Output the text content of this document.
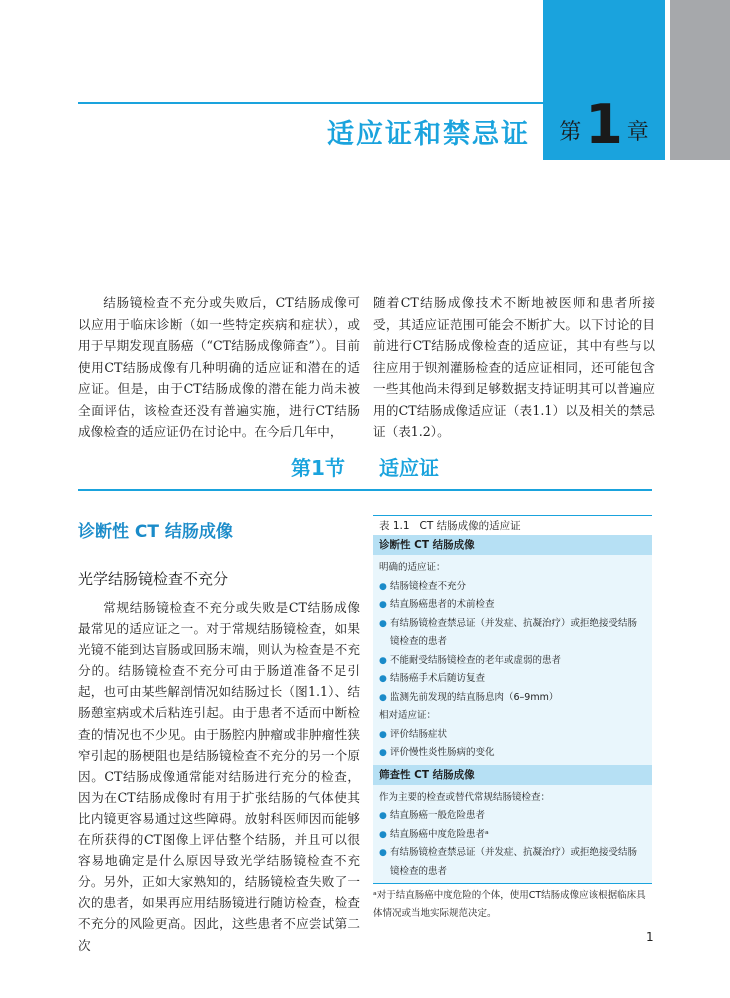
第 1 章
适应证和禁忌证
结肠镜检查不充分或失败后，CT结肠成像可以应用于临床诊断（如一些特定疾病和症状），或用于早期发现直肠癌（“CT结肠成像筛查”）。目前使用CT结肠成像有几种明确的适应证和潜在的适应证。但是，由于CT结肠成像的潜在能力尚未被全面评估，该检查还没有普遍实施，进行CT结肠成像检查的适应证仍在讨论中。在今后几年中，
随着CT结肠成像技术不断地被医师和患者所接受，其适应证范围可能会不断扩大。以下讨论的目前进行CT结肠成像检查的适应证，其中有些与以往应用于钡剂灌肠检查的适应证相同，还可能包含一些其他尚未得到足够数据支持证明其可以普遍应用的CT结肠成像适应证（表1.1）以及相关的禁忌证（表1.2）。
第1节 适应证
诊断性 CT 结肠成像
光学结肠镜检查不充分
常规结肠镜检查不充分或失败是CT结肠成像最常见的适应证之一。对于常规结肠镜检查，如果光镜不能到达盲肠或回肠末端，则认为检查是不充分的。结肠镜检查不充分可由于肠道准备不足引起，也可由某些解剖情况如结肠过长（图1.1）、结肠憩室病或术后粘连引起。由于患者不适而中断检查的情况也不少见。由于肠腔内肿瘤或非肿瘤性狭窄引起的肠梗阻也是结肠镜检查不充分的另一个原因。CT结肠成像通常能对结肠进行充分的检查，因为在CT结肠成像时有用于扩张结肠的气体使其比内镜更容易通过这些障碍。放射科医师因而能够在所获得的CT图像上评估整个结肠，并且可以很容易地确定是什么原因导致光学结肠镜检查不充分。另外，正如大家熟知的，结肠镜检查失败了一次的患者，如果再应用结肠镜进行随访检查，检查不充分的风险更高。因此，这些患者不应尝试第二次
表 1.1 CT 结肠成像的适应证
诊断性 CT 结肠成像
明确的适应证：
● 结肠镜检查不充分
● 结直肠癌患者的术前检查
● 有结肠镜检查禁忌证（并发症、抗凝治疗）或拒绝接受结肠镜检查的患者
● 不能耐受结肠镜检查的老年或虚弱的患者
● 结肠癌手术后随访复查
● 监测先前发现的结直肠息肉（6–9mm）
相对适应证：
● 评价结肠症状
● 评价慢性炎性肠病的变化
筛查性 CT 结肠成像
作为主要的检查或替代常规结肠镜检查：
● 结直肠癌一般危险患者
● 结直肠癌中度危险患者ᵃ
● 有结肠镜检查禁忌证（并发症、抗凝治疗）或拒绝接受结肠镜检查的患者
ᵃ对于结直肠癌中度危险的个体，使用CT结肠成像应该根据临床具体情况或当地实际规范决定。
1
